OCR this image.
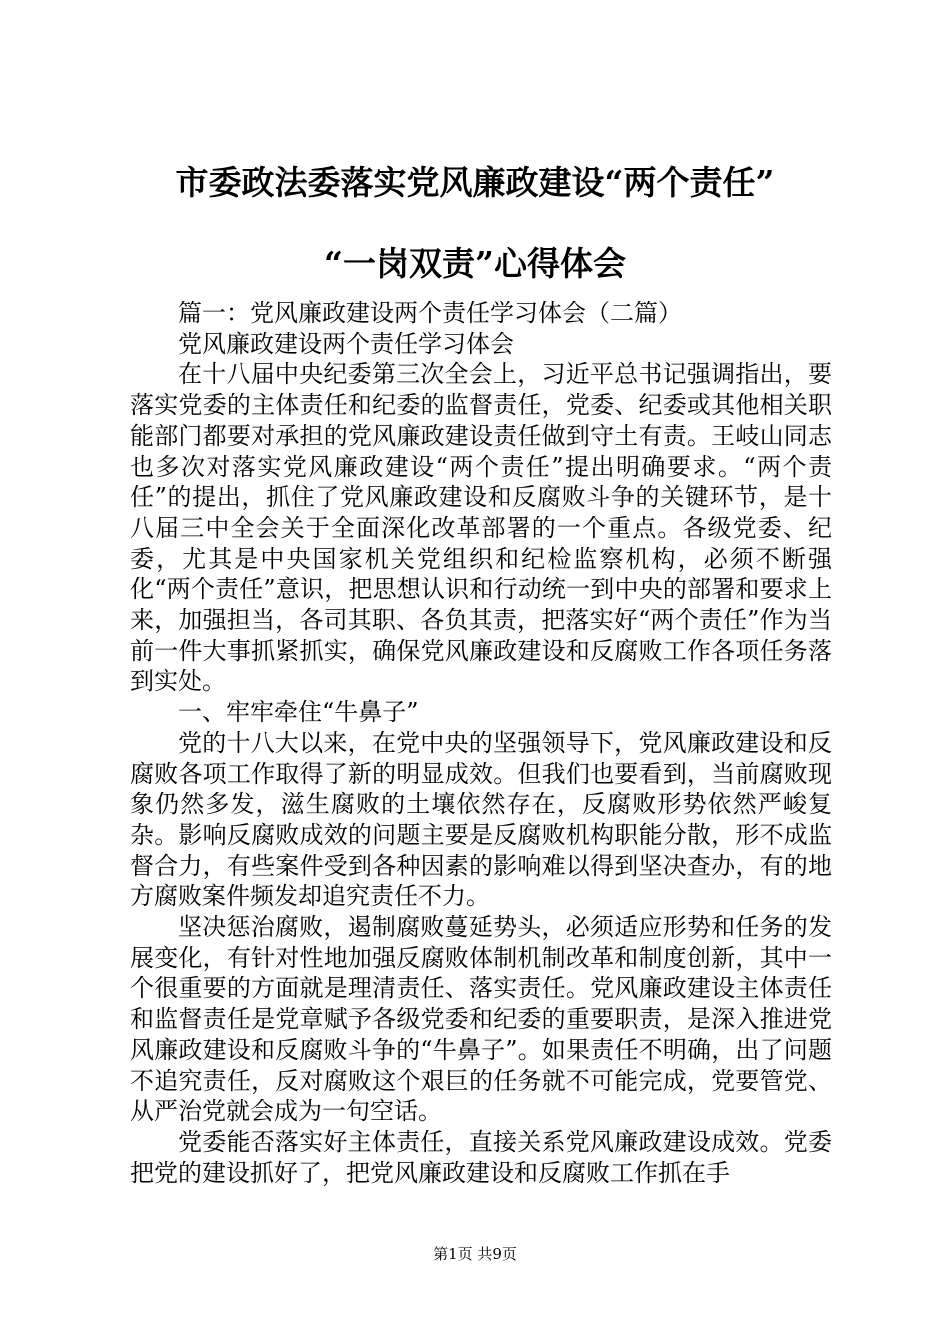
市委政法委落实党风廉政建设“两个责任”
“一岗双责”心得体会

篇一：党风廉政建设两个责任学习体会（二篇）

党风廉政建设两个责任学习体会

在十八届中央纪委第三次全会上，习近平总书记强调指出，要落实党委的主体责任和纪委的监督责任，党委、纪委或其他相关职能部门都要对承担的党风廉政建设责任做到守土有责。王岐山同志也多次对落实党风廉政建设“两个责任”提出明确要求。“两个责任”的提出，抓住了党风廉政建设和反腐败斗争的关键环节，是十八届三中全会关于全面深化改革部署的一个重点。各级党委、纪委，尤其是中央国家机关党组织和纪检监察机构，必须不断强化“两个责任”意识，把思想认识和行动统一到中央的部署和要求上来，加强担当，各司其职、各负其责，把落实好“两个责任”作为当前一件大事抓紧抓实，确保党风廉政建设和反腐败工作各项任务落到实处。

一、牢牢牵住“牛鼻子”

党的十八大以来，在党中央的坚强领导下，党风廉政建设和反腐败各项工作取得了新的明显成效。但我们也要看到，当前腐败现象仍然多发，滋生腐败的土壤依然存在，反腐败形势依然严峻复杂。影响反腐败成效的问题主要是反腐败机构职能分散，形不成监督合力，有些案件受到各种因素的影响难以得到坚决查办，有的地方腐败案件频发却追究责任不力。

坚决惩治腐败，遏制腐败蔓延势头，必须适应形势和任务的发展变化，有针对性地加强反腐败体制机制改革和制度创新，其中一个很重要的方面就是理清责任、落实责任。党风廉政建设主体责任和监督责任是党章赋予各级党委和纪委的重要职责，是深入推进党风廉政建设和反腐败斗争的“牛鼻子”。如果责任不明确，出了问题不追究责任，反对腐败这个艰巨的任务就不可能完成，党要管党、从严治党就会成为一句空话。

党委能否落实好主体责任，直接关系党风廉政建设成效。党委把党的建设抓好了，把党风廉政建设和反腐败工作抓在手

第1页 共9页
